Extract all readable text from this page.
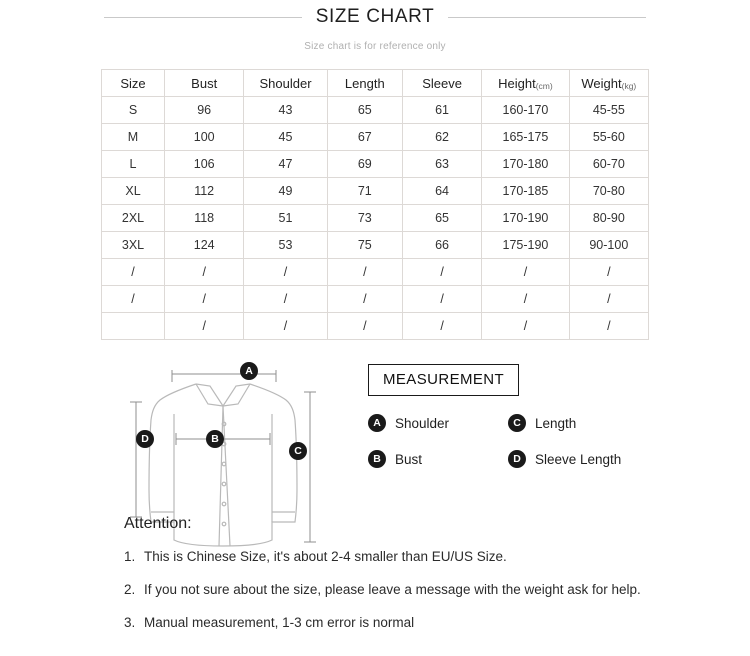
SIZE CHART
Size chart is for reference only
Size	Bust	Shoulder	Length	Sleeve	Height(cm)	Weight(kg)
S	96	43	65	61	160-170	45-55
M	100	45	67	62	165-175	55-60
L	106	47	69	63	170-180	60-70
XL	112	49	71	64	170-185	70-80
2XL	118	51	73	65	170-190	80-90
3XL	124	53	75	66	175-190	90-100
/	/	/	/	/	/	/
/	/	/	/	/	/	/
	/	/	/	/	/	/
A
B
C
D
MEASUREMENT
A	Shoulder	C	Length
B	Bust	D	Sleeve Length
Attention:
1. This is Chinese Size, it's about 2-4 smaller than EU/US Size.
2. If you not sure about the size, please leave a message with the weight ask for help.
3. Manual measurement, 1-3 cm error is normal
